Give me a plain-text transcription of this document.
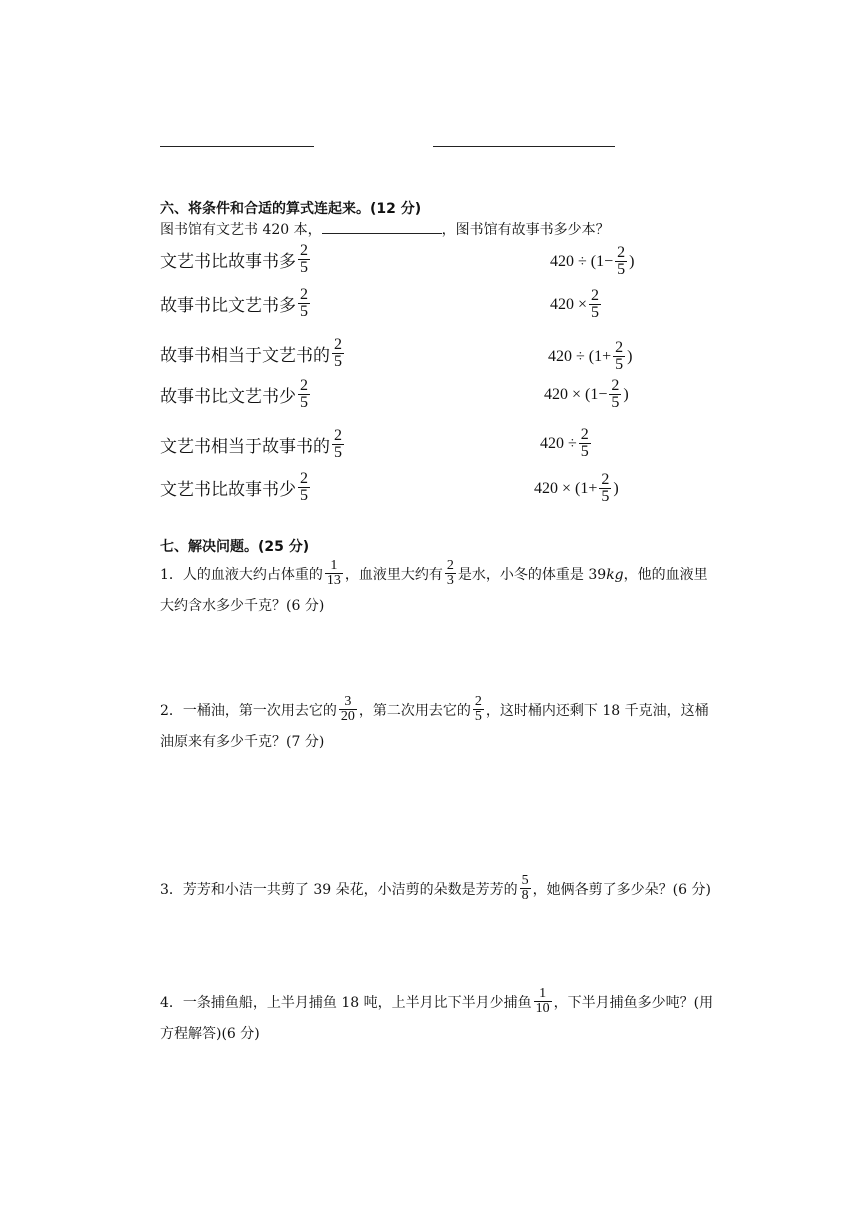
六、将条件和合适的算式连起来。(12 分)
图书馆有文艺书 420 本，	，图书馆有故事书多少本？
文艺书比故事书多 $\frac{2}{5}$
故事书比文艺书多 $\frac{2}{5}$
故事书相当于文艺书的 $\frac{2}{5}$
故事书比文艺书少 $\frac{2}{5}$
文艺书相当于故事书的 $\frac{2}{5}$
文艺书比故事书少 $\frac{2}{5}$
$420 \div (1- \frac{2}{5}$ )
$420 \times \frac{2}{5}$
$420 \div (1+ \frac{2}{5}$ )
$420 \times (1- \frac{2}{5}$ )
$420 \div \frac{2}{5}$
$420 \times (1+ \frac{2}{5}$ )
七、解决问题。(25 分)
1．人的血液大约占体重的 $\frac{1}{13}$ ，血液里大约有 $\frac{2}{3}$ 是水，小冬的体重是 39kg，他的血液里
大约含水多少千克？(6 分)
2．一桶油，第一次用去它的 $\frac{3}{20}$ ，第二次用去它的 $\frac{2}{5}$ ，这时桶内还剩下 18 千克油，这桶
油原来有多少千克？(7 分)
3．芳芳和小洁一共剪了 39 朵花，小洁剪的朵数是芳芳的 $\frac{5}{8}$ ，她俩各剪了多少朵？(6 分)
4．一条捕鱼船，上半月捕鱼 18 吨，上半月比下半月少捕鱼 $\frac{1}{10}$ ，下半月捕鱼多少吨？(用
方程解答)(6 分)
